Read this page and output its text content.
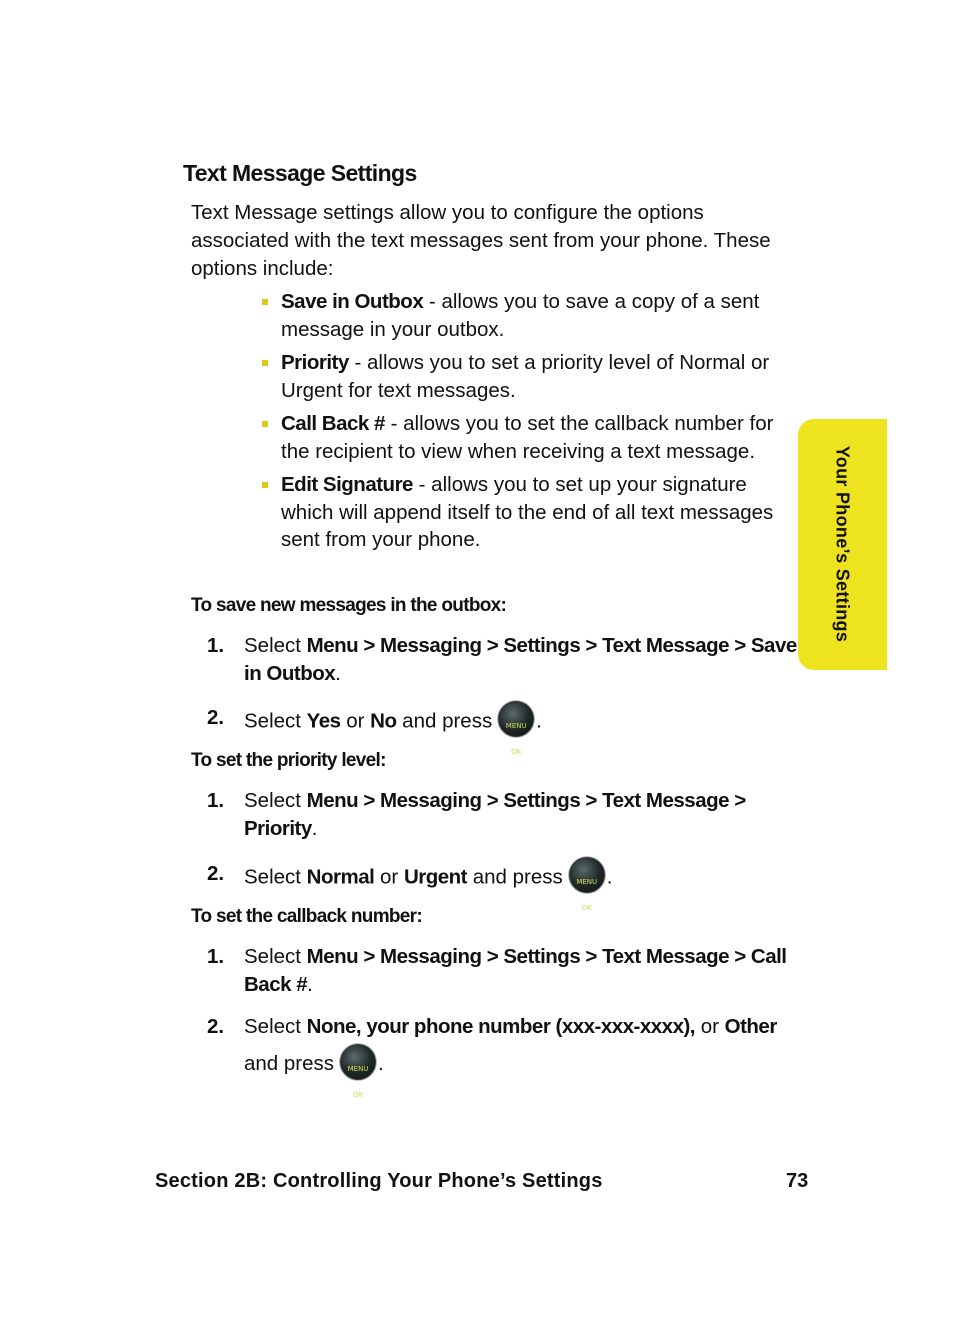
Text Message Settings
Text Message settings allow you to configure the options associated with the text messages sent from your phone. These options include:
Save in Outbox - allows you to save a copy of a sent message in your outbox.
Priority - allows you to set a priority level of Normal or Urgent for text messages.
Call Back # - allows you to set the callback number for the recipient to view when receiving a text message.
Edit Signature - allows you to set up your signature which will append itself to the end of all text messages sent from your phone.
To save new messages in the outbox:
1. Select Menu > Messaging > Settings > Text Message > Save in Outbox.
2. Select Yes or No and press	MENU

OK
.
To set the priority level:
1. Select Menu > Messaging > Settings > Text Message > Priority.
2. Select Normal or Urgent and press	MENU

OK
.
To set the callback number:
1. Select Menu > Messaging > Settings > Text Message > Call Back #.
2. Select None, your phone number (xxx-xxx-xxxx), or Other
and press	MENU

OK
.
Your Phone’s Settings
Section 2B: Controlling Your Phone’s Settings	73
